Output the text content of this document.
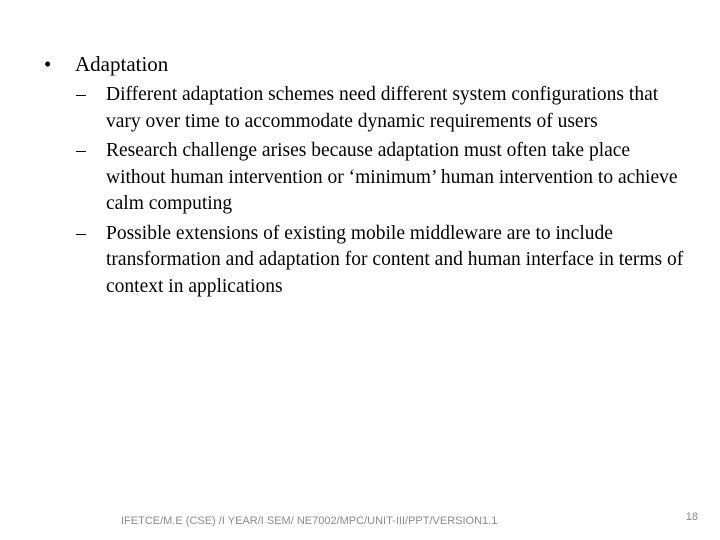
•	Adaptation
–	Different adaptation schemes need different system configurations that vary over time to accommodate dynamic requirements of users
–	Research challenge arises because adaptation must often take place without human intervention or ‘minimum’ human intervention to achieve calm computing
–	Possible extensions of existing mobile middleware are to include transformation and adaptation for content and human interface in terms of context in applications
IFETCE/M.E (CSE) /I YEAR/I SEM/ NE7002/MPC/UNIT-III/PPT/VERSION1.1	18
